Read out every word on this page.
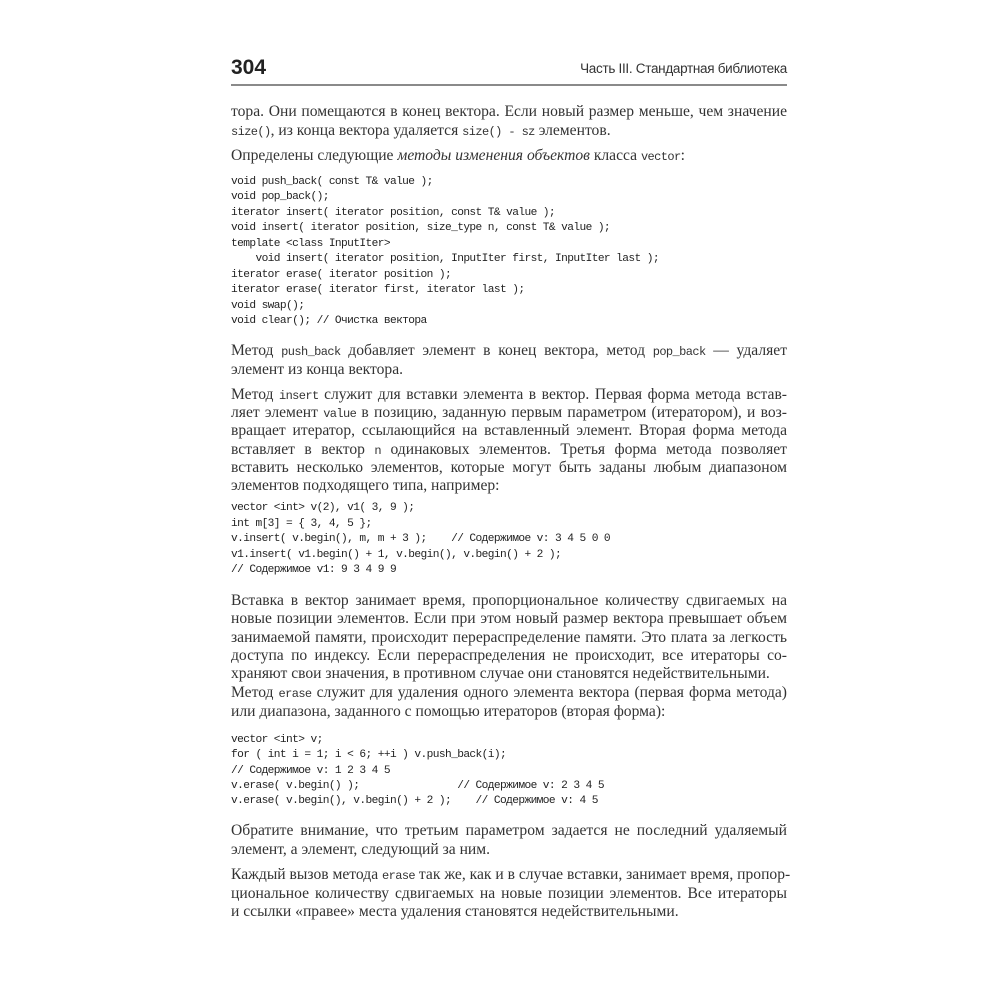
304	Часть III. Стандартная библиотека
тора. Они помещаются в конец вектора. Если новый размер меньше, чем значение
size(), из конца вектора удаляется size() - sz элементов.
Определены следующие методы изменения объектов класса vector:
void push_back( const T& value );
void pop_back();
iterator insert( iterator position, const T& value );
void insert( iterator position, size_type n, const T& value );
template <class InputIter>
void insert( iterator position, InputIter first, InputIter last );
iterator erase( iterator position );
iterator erase( iterator first, iterator last );
void swap();
void clear(); // Очистка вектора
Метод push_back добавляет элемент в конец вектора, метод pop_back — удаляет
элемент из конца вектора.
Метод insert служит для вставки элемента в вектор. Первая форма метода встав-
ляет элемент value в позицию, заданную первым параметром (итератором), и воз-
вращает итератор, ссылающийся на вставленный элемент. Вторая форма метода
вставляет в вектор n одинаковых элементов. Третья форма метода позволяет
вставить несколько элементов, которые могут быть заданы любым диапазоном
элементов подходящего типа, например:
vector <int> v(2), v1( 3, 9 );
int m[3] = { 3, 4, 5 };
v.insert( v.begin(), m, m + 3 );    // Содержимое v: 3 4 5 0 0
v1.insert( v1.begin() + 1, v.begin(), v.begin() + 2 );
// Содержимое v1: 9 3 4 9 9
Вставка в вектор занимает время, пропорциональное количеству сдвигаемых на
новые позиции элементов. Если при этом новый размер вектора превышает объем
занимаемой памяти, происходит перераспределение памяти. Это плата за легкость
доступа по индексу. Если перераспределения не происходит, все итераторы со-
храняют свои значения, в противном случае они становятся недействительными.
Метод erase служит для удаления одного элемента вектора (первая форма метода)
или диапазона, заданного с помощью итераторов (вторая форма):
vector <int> v;
for ( int i = 1; i < 6; ++i ) v.push_back(i);
// Содержимое v: 1 2 3 4 5
v.erase( v.begin() );                // Содержимое v: 2 3 4 5
v.erase( v.begin(), v.begin() + 2 );    // Содержимое v: 4 5
Обратите внимание, что третьим параметром задается не последний удаляемый
элемент, а элемент, следующий за ним.
Каждый вызов метода erase так же, как и в случае вставки, занимает время, пропор-
циональное количеству сдвигаемых на новые позиции элементов. Все итераторы
и ссылки «правее» места удаления становятся недействительными.
